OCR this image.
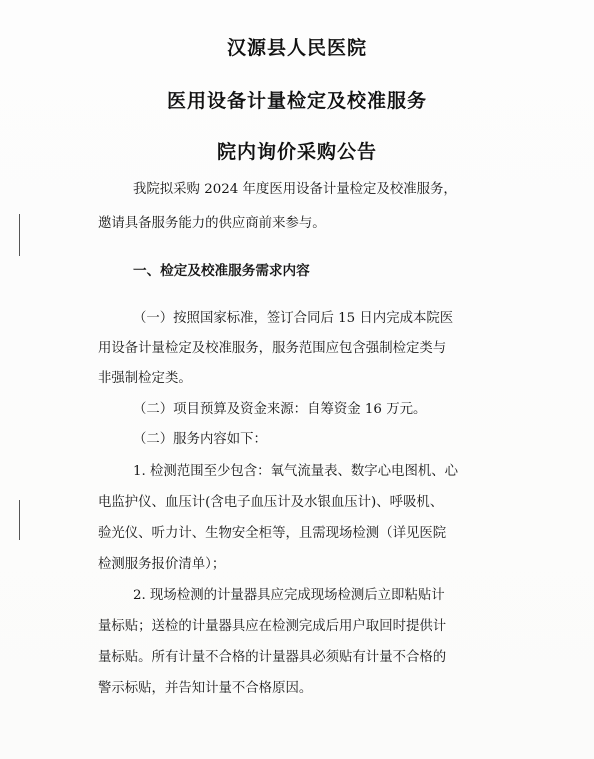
汉源县人民医院
医用设备计量检定及校准服务
院内询价采购公告
我院拟采购 2024 年度医用设备计量检定及校准服务，
邀请具备服务能力的供应商前来参与。
一、检定及校准服务需求内容
（一）按照国家标准，签订合同后 15 日内完成本院医
用设备计量检定及校准服务，服务范围应包含强制检定类与
非强制检定类。
（二）项目预算及资金来源：自筹资金 16 万元。
（二）服务内容如下：
1. 检测范围至少包含：氧气流量表、数字心电图机、心
电监护仪、血压计(含电子血压计及水银血压计)、呼吸机、
验光仪、听力计、生物安全柜等，且需现场检测（详见医院
检测服务报价清单）；
2. 现场检测的计量器具应完成现场检测后立即粘贴计
量标贴；送检的计量器具应在检测完成后用户取回时提供计
量标贴。所有计量不合格的计量器具必须贴有计量不合格的
警示标贴，并告知计量不合格原因。
